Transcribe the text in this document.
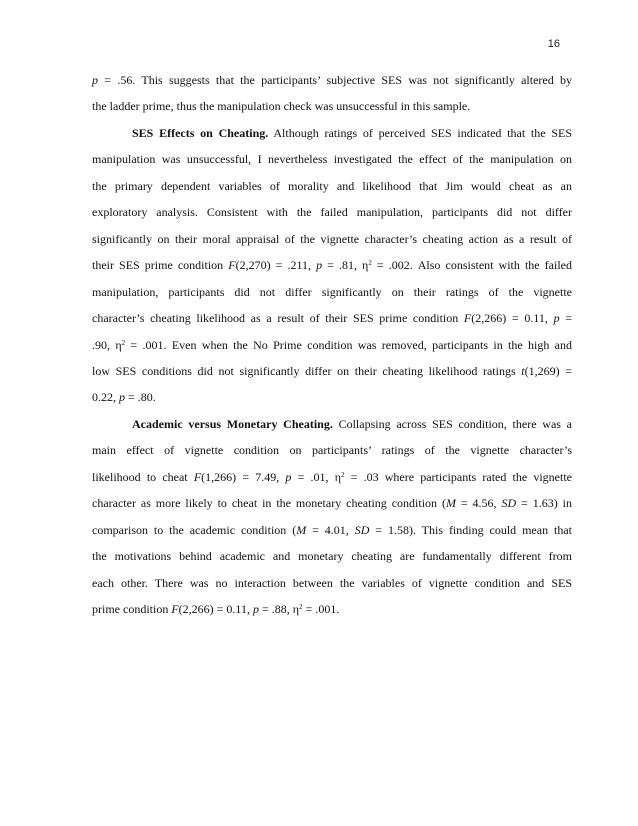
16

p = .56. This suggests that the participants’ subjective SES was not significantly altered by
the ladder prime, thus the manipulation check was unsuccessful in this sample.

SES Effects on Cheating. Although ratings of perceived SES indicated that the SES
manipulation was unsuccessful, I nevertheless investigated the effect of the manipulation on
the primary dependent variables of morality and likelihood that Jim would cheat as an
exploratory analysis. Consistent with the failed manipulation, participants did not differ
significantly on their moral appraisal of the vignette character’s cheating action as a result of
their SES prime condition F(2,270) = .211, p = .81, $\eta^2 = .002$. Also consistent with the failed
manipulation, participants did not differ significantly on their ratings of the vignette
character’s cheating likelihood as a result of their SES prime condition F(2,266) = 0.11, p =
.90, $\eta^2 = .001$. Even when the No Prime condition was removed, participants in the high and
low SES conditions did not significantly differ on their cheating likelihood ratings t(1,269) =
0.22, p = .80.

Academic versus Monetary Cheating. Collapsing across SES condition, there was a
main effect of vignette condition on participants’ ratings of the vignette character’s
likelihood to cheat F(1,266) = 7.49, p = .01, $\eta^2 = .03$ where participants rated the vignette
character as more likely to cheat in the monetary cheating condition (M = 4.56, SD = 1.63) in
comparison to the academic condition (M = 4.01, SD = 1.58). This finding could mean that
the motivations behind academic and monetary cheating are fundamentally different from
each other. There was no interaction between the variables of vignette condition and SES
prime condition F(2,266) = 0.11, p = .88, $\eta^2 = .001$.
